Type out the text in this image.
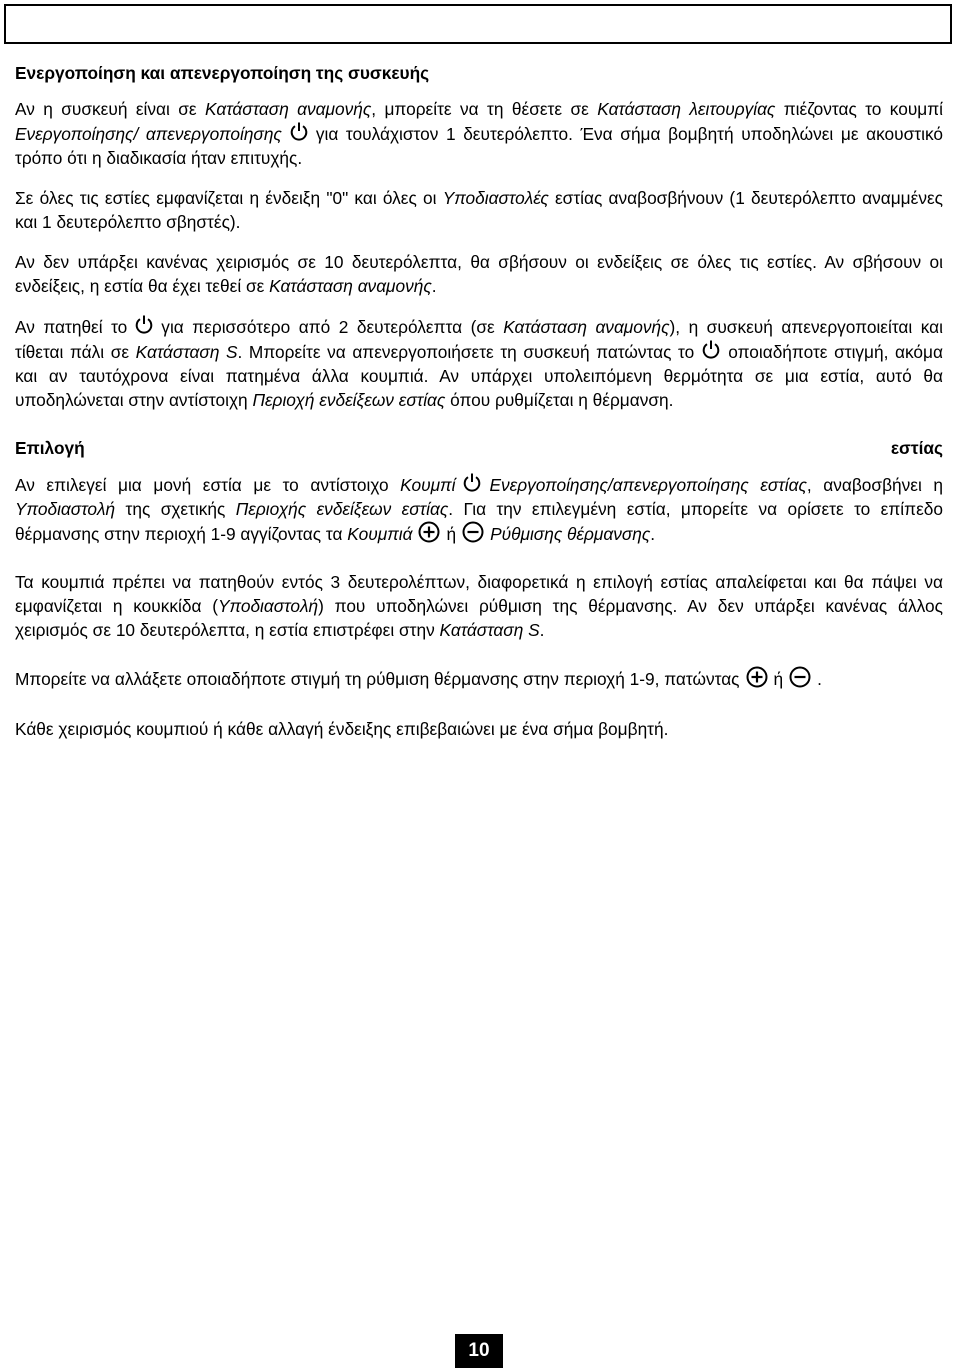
Ενεργοποίηση και απενεργοποίηση της συσκευής

Αν η συσκευή είναι σε Κατάσταση αναμονής, μπορείτε να τη θέσετε σε Κατάσταση λειτουργίας πιέζοντας το κουμπί Ενεργοποίησης/ απενεργοποίησης για τουλάχιστον 1 δευτερόλεπτο. Ένα σήμα βομβητή υποδηλώνει με ακουστικό τρόπο ότι η διαδικασία ήταν επιτυχής.

Σε όλες τις εστίες εμφανίζεται η ένδειξη "0" και όλες οι Υποδιαστολές εστίας αναβοσβήνουν (1 δευτερόλεπτο αναμμένες και 1 δευτερόλεπτο σβηστές).

Αν δεν υπάρξει κανένας χειρισμός σε 10 δευτερόλεπτα, θα σβήσουν οι ενδείξεις σε όλες τις εστίες. Αν σβήσουν οι ενδείξεις, η εστία θα έχει τεθεί σε Κατάσταση αναμονής.

Αν πατηθεί το για περισσότερο από 2 δευτερόλεπτα (σε Κατάσταση αναμονής), η συσκευή απενεργοποιείται και τίθεται πάλι σε Κατάσταση S. Μπορείτε να απενεργοποιήσετε τη συσκευή πατώντας το οποιαδήποτε στιγμή, ακόμα και αν ταυτόχρονα είναι πατημένα άλλα κουμπιά. Αν υπάρχει υπολειπόμενη θερμότητα σε μια εστία, αυτό θα υποδηλώνεται στην αντίστοιχη Περιοχή ενδείξεων εστίας όπου ρυθμίζεται η θέρμανση.

Επιλογή	εστίας

Αν επιλεγεί μια μονή εστία με το αντίστοιχο Κουμπί Ενεργοποίησης/απενεργοποίησης εστίας, αναβοσβήνει η Υποδιαστολή της σχετικής Περιοχής ενδείξεων εστίας. Για την επιλεγμένη εστία, μπορείτε να ορίσετε το επίπεδο θέρμανσης στην περιοχή 1-9 αγγίζοντας τα Κουμπιά ή Ρύθμισης θέρμανσης.

Τα κουμπιά πρέπει να πατηθούν εντός 3 δευτερολέπτων, διαφορετικά η επιλογή εστίας απαλείφεται και θα πάψει να εμφανίζεται η κουκκίδα (Υποδιαστολή) που υποδηλώνει ρύθμιση της θέρμανσης. Αν δεν υπάρξει κανένας άλλος χειρισμός σε 10 δευτερόλεπτα, η εστία επιστρέφει στην Κατάσταση S.

Μπορείτε να αλλάξετε οποιαδήποτε στιγμή τη ρύθμιση θέρμανσης στην περιοχή 1-9, πατώντας ή .

Κάθε χειρισμός κουμπιού ή κάθε αλλαγή ένδειξης επιβεβαιώνει με ένα σήμα βομβητή.

10
